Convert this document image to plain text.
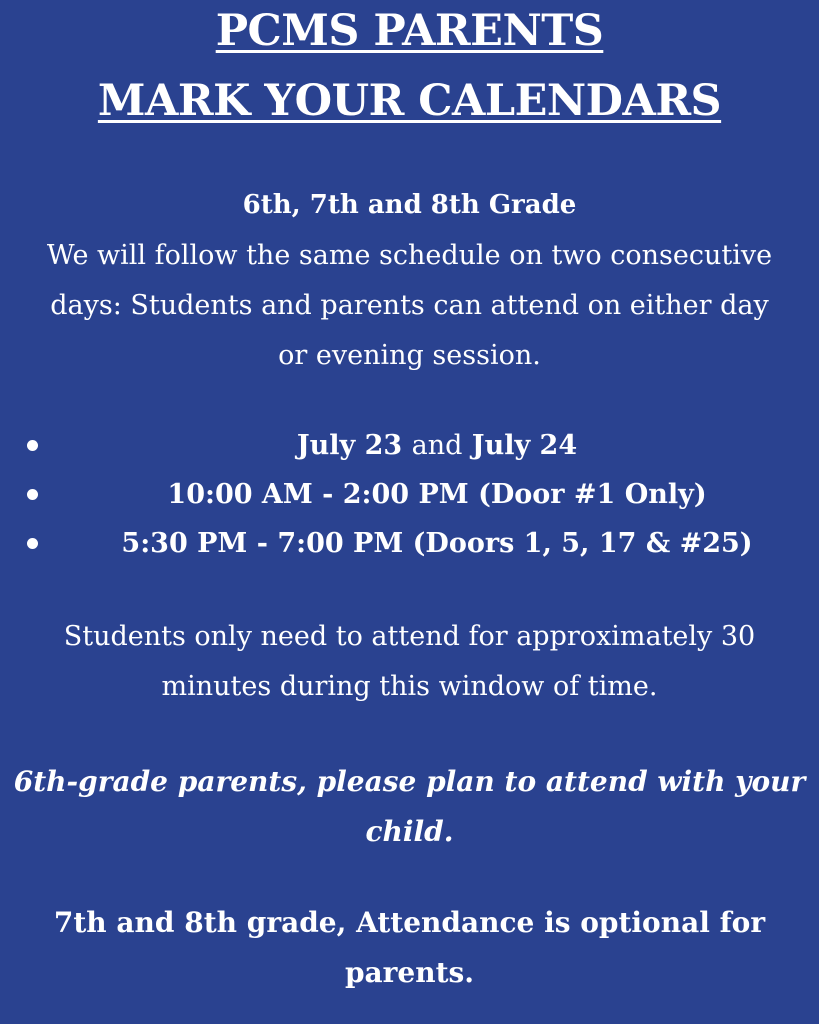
PCMS PARENTS
MARK YOUR CALENDARS
6th, 7th and 8th Grade
We will follow the same schedule on two consecutive
days: Students and parents can attend on either day
or evening session.
July 23 and July 24
10:00 AM - 2:00 PM (Door #1 Only)
5:30 PM - 7:00 PM (Doors 1, 5, 17 & #25)
Students only need to attend for approximately 30
minutes during this window of time.
6th-grade parents, please plan to attend with your
child.
7th and 8th grade, Attendance is optional for
parents.
